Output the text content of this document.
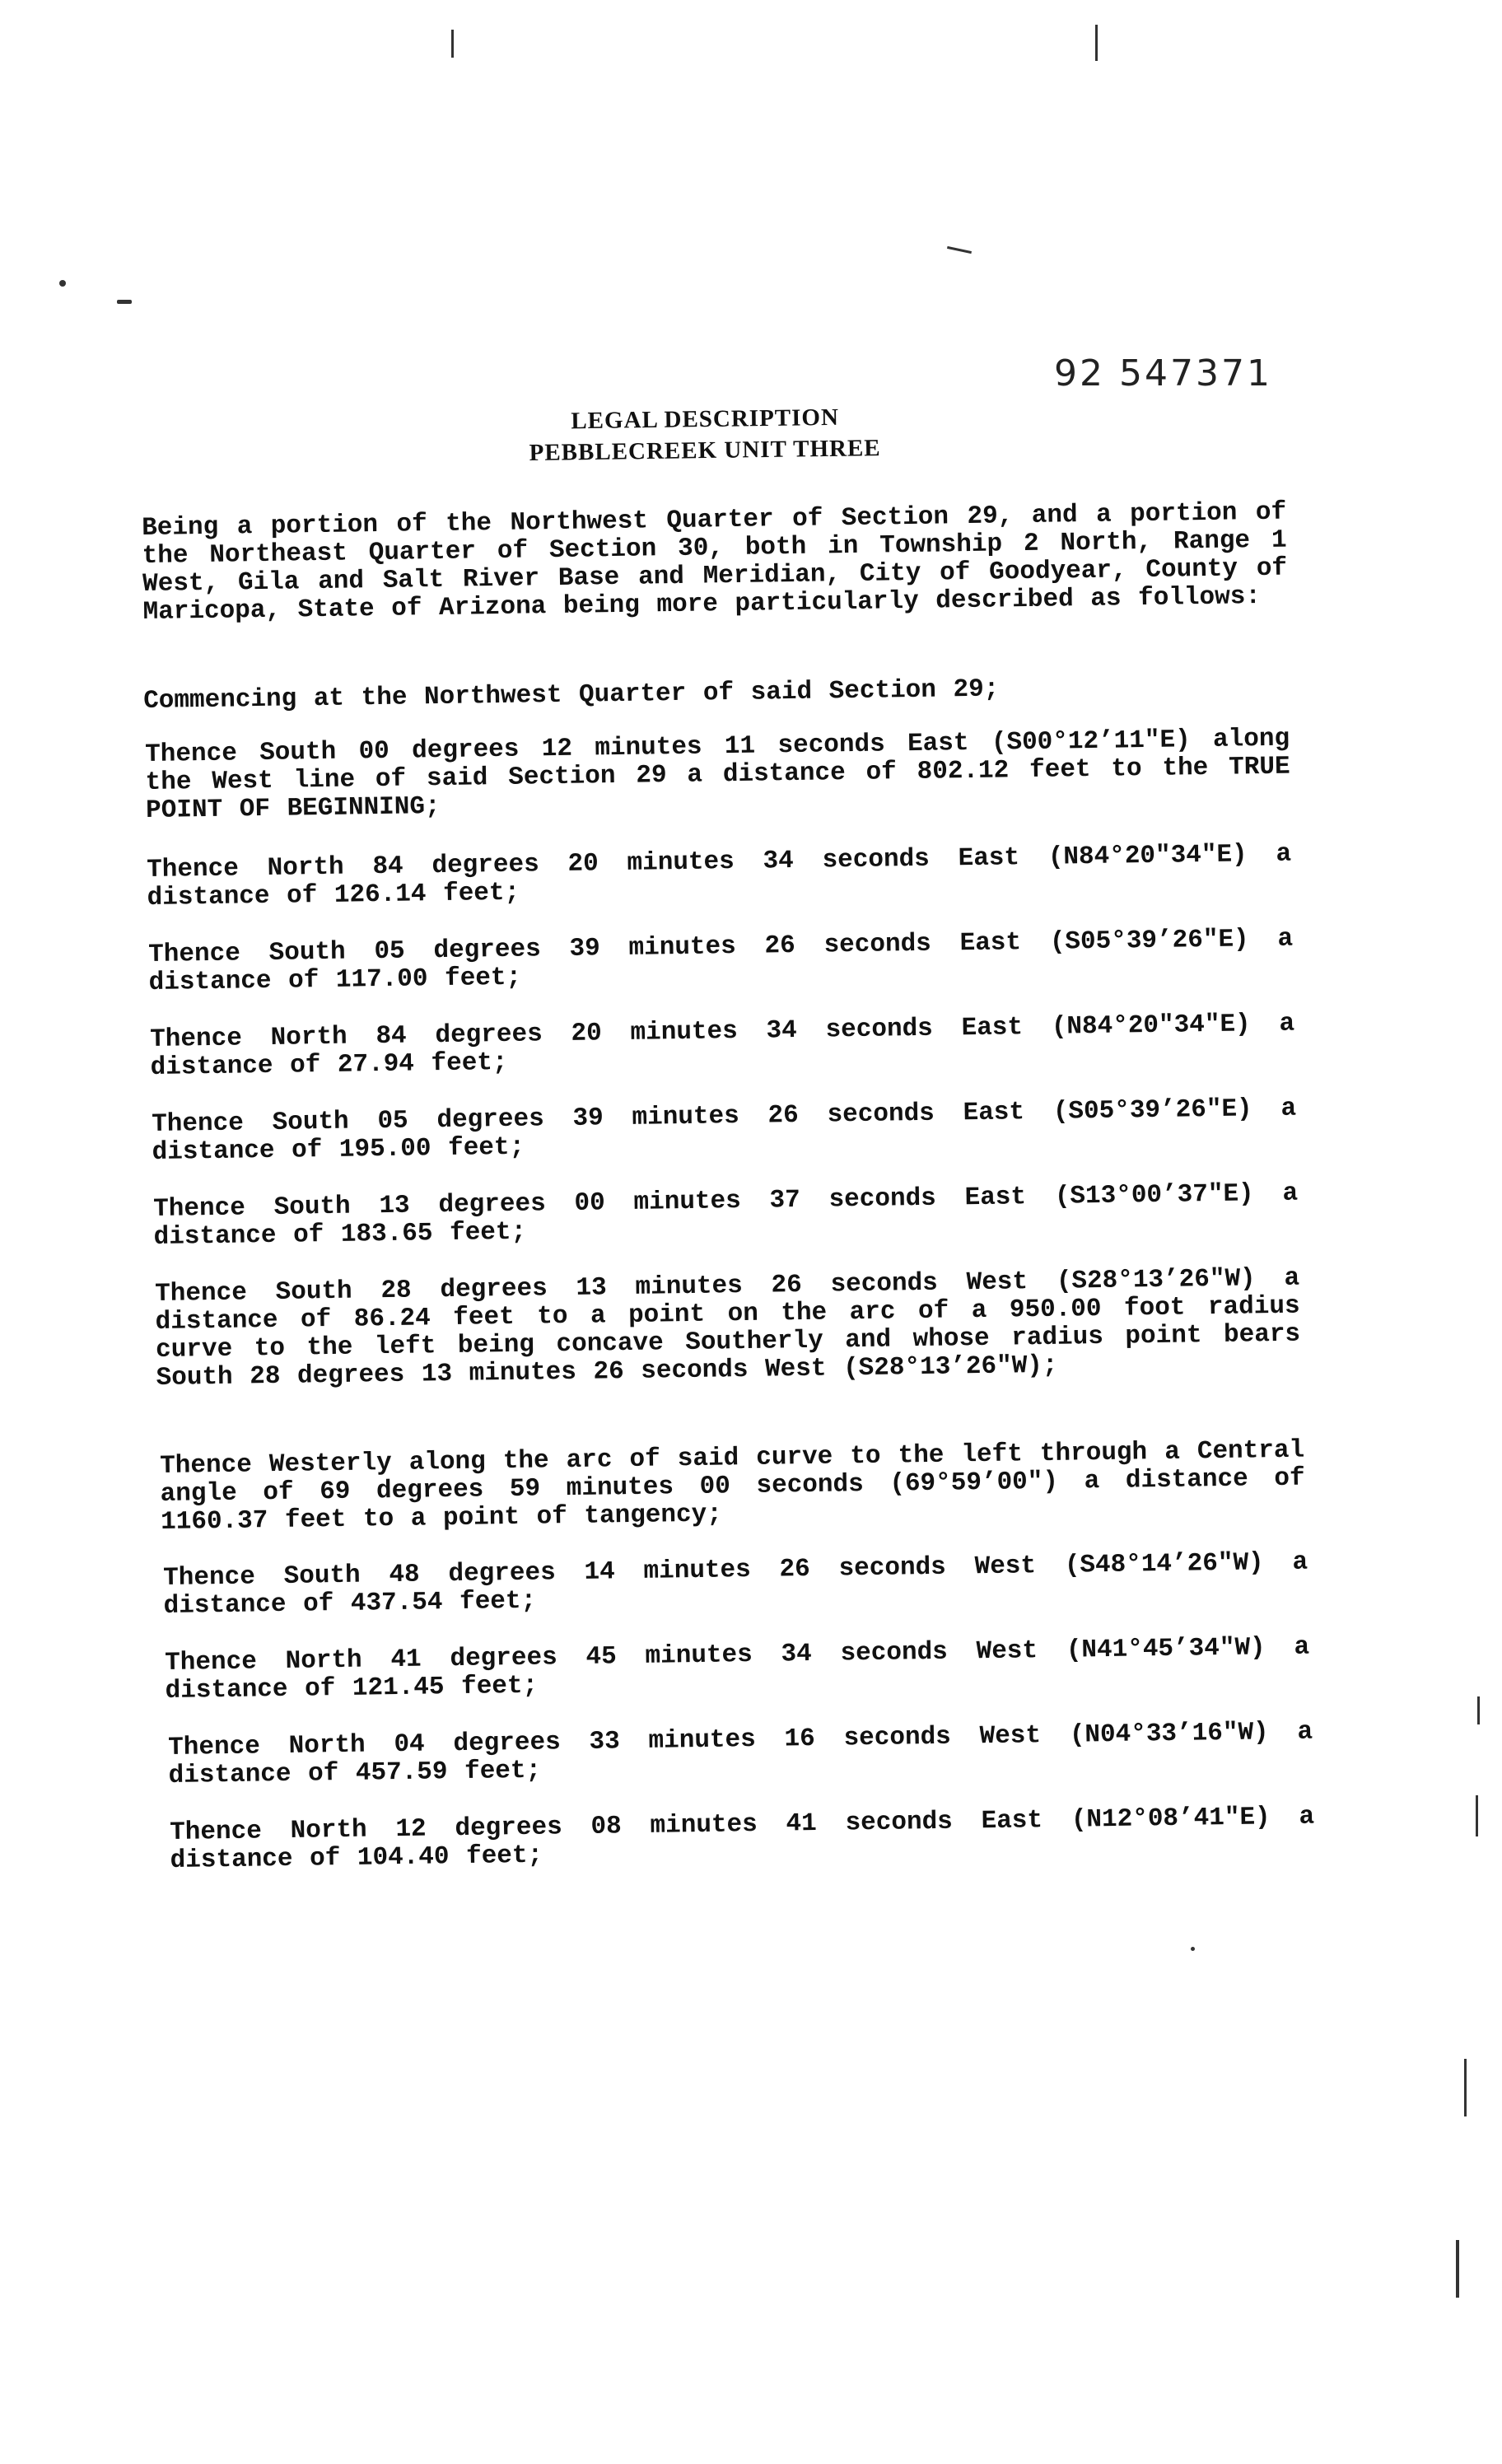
92 547371
LEGAL DESCRIPTION
PEBBLECREEK UNIT THREE
Being a portion of the Northwest Quarter of Section 29, and a portion of the Northeast Quarter of Section 30, both in Township 2 North, Range 1 West, Gila and Salt River Base and Meridian, City of Goodyear, County of Maricopa, State of Arizona being more particularly described as follows:
Commencing at the Northwest Quarter of said Section 29;
Thence South 00 degrees 12 minutes 11 seconds East (S00°12’11"E) along the West line of said Section 29 a distance of 802.12 feet to the TRUE POINT OF BEGINNING;
Thence North 84 degrees 20 minutes 34 seconds East (N84°20"34"E) a distance of 126.14 feet;
Thence South 05 degrees 39 minutes 26 seconds East (S05°39’26"E) a distance of 117.00 feet;
Thence North 84 degrees 20 minutes 34 seconds East (N84°20"34"E) a distance of 27.94 feet;
Thence South 05 degrees 39 minutes 26 seconds East (S05°39’26"E) a distance of 195.00 feet;
Thence South 13 degrees 00 minutes 37 seconds East (S13°00’37"E) a distance of 183.65 feet;
Thence South 28 degrees 13 minutes 26 seconds West (S28°13’26"W) a distance of 86.24 feet to a point on the arc of a 950.00 foot radius curve to the left being concave Southerly and whose radius point bears South 28 degrees 13 minutes 26 seconds West (S28°13’26"W);
Thence Westerly along the arc of said curve to the left through a Central angle of 69 degrees 59 minutes 00 seconds (69°59’00") a distance of 1160.37 feet to a point of tangency;
Thence South 48 degrees 14 minutes 26 seconds West (S48°14’26"W) a distance of 437.54 feet;
Thence North 41 degrees 45 minutes 34 seconds West (N41°45’34"W) a distance of 121.45 feet;
Thence North 04 degrees 33 minutes 16 seconds West (N04°33’16"W) a distance of 457.59 feet;
Thence North 12 degrees 08 minutes 41 seconds East (N12°08’41"E) a distance of 104.40 feet;
